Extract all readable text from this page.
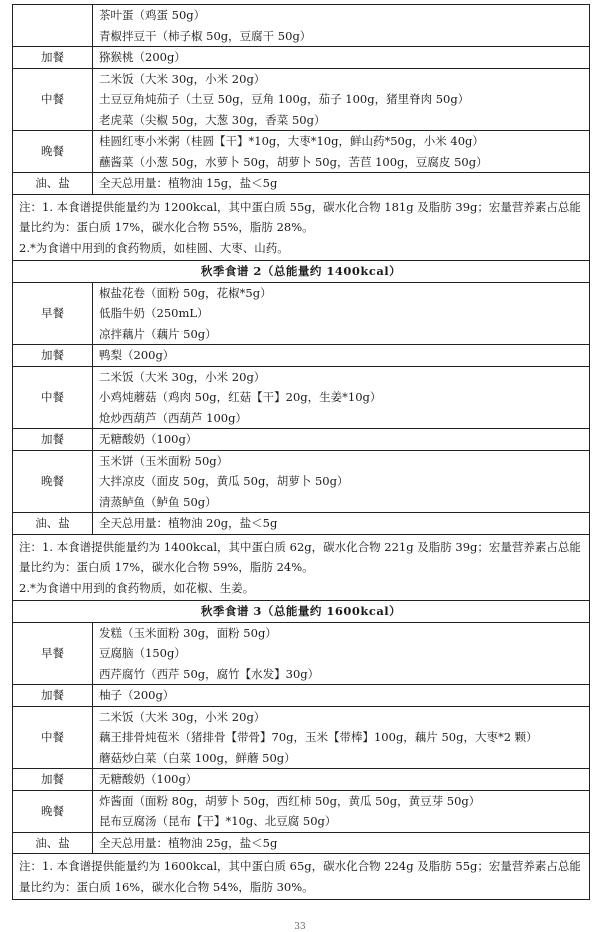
	茶叶蛋（鸡蛋 50g）
青椒拌豆干（柿子椒 50g，豆腐干 50g）

加餐	猕猴桃（200g）

中餐	二米饭（大米 30g，小米 20g）
土豆豆角炖茄子（土豆 50g，豆角 100g，茄子 100g，猪里脊肉 50g）
老虎菜（尖椒 50g，大葱 30g，香菜 50g）

晚餐	桂圆红枣小米粥（桂圆【干】*10g，大枣*10g，鲜山药*50g，小米 40g）
蘸酱菜（小葱 50g，水萝卜 50g，胡萝卜 50g，苦苣 100g，豆腐皮 50g）

油、盐	全天总用量：植物油 15g，盐＜5g

注：1. 本食谱提供能量约为 1200kcal，其中蛋白质 55g，碳水化合物 181g 及脂肪 39g；宏量营养素占总能量比约为：蛋白质 17%，碳水化合物 55%，脂肪 28%。
2.*为食谱中用到的食药物质，如桂圆、大枣、山药。	

秋季食谱 2（总能量约 1400kcal）	
早餐	椒盐花卷（面粉 50g，花椒*5g）
低脂牛奶（250mL）
凉拌藕片（藕片 50g）

加餐	鸭梨（200g）

中餐	二米饭（大米 30g，小米 20g）
小鸡炖蘑菇（鸡肉 50g，红菇【干】20g，生姜*10g）
炝炒西葫芦（西葫芦 100g）

加餐	无糖酸奶（100g）

晚餐	玉米饼（玉米面粉 50g）
大拌凉皮（面皮 50g，黄瓜 50g，胡萝卜 50g）
清蒸鲈鱼（鲈鱼 50g）

油、盐	全天总用量：植物油 20g，盐＜5g

注：1. 本食谱提供能量约为 1400kcal，其中蛋白质 62g，碳水化合物 221g 及脂肪 39g；宏量营养素占总能量比约为：蛋白质 17%，碳水化合物 59%，脂肪 24%。
2.*为食谱中用到的食药物质，如花椒、生姜。	

秋季食谱 3（总能量约 1600kcal）	
早餐	发糕（玉米面粉 30g，面粉 50g）
豆腐脑（150g）
西芹腐竹（西芹 50g，腐竹【水发】30g）

加餐	柚子（200g）

中餐	二米饭（大米 30g，小米 20g）
藕王排骨炖苞米（猪排骨【带骨】70g，玉米【带棒】100g，藕片 50g，大枣*2 颗）
蘑菇炒白菜（白菜 100g，鲜蘑 50g）

加餐	无糖酸奶（100g）

晚餐	炸酱面（面粉 80g，胡萝卜 50g，西红柿 50g，黄瓜 50g，黄豆芽 50g）
昆布豆腐汤（昆布【干】*10g、北豆腐 50g）

油、盐	全天总用量：植物油 25g，盐＜5g

注：1. 本食谱提供能量约为 1600kcal，其中蛋白质 65g，碳水化合物 224g 及脂肪 55g；宏量营养素占总能量比约为：蛋白质 16%，碳水化合物 54%，脂肪 30%。	
33
